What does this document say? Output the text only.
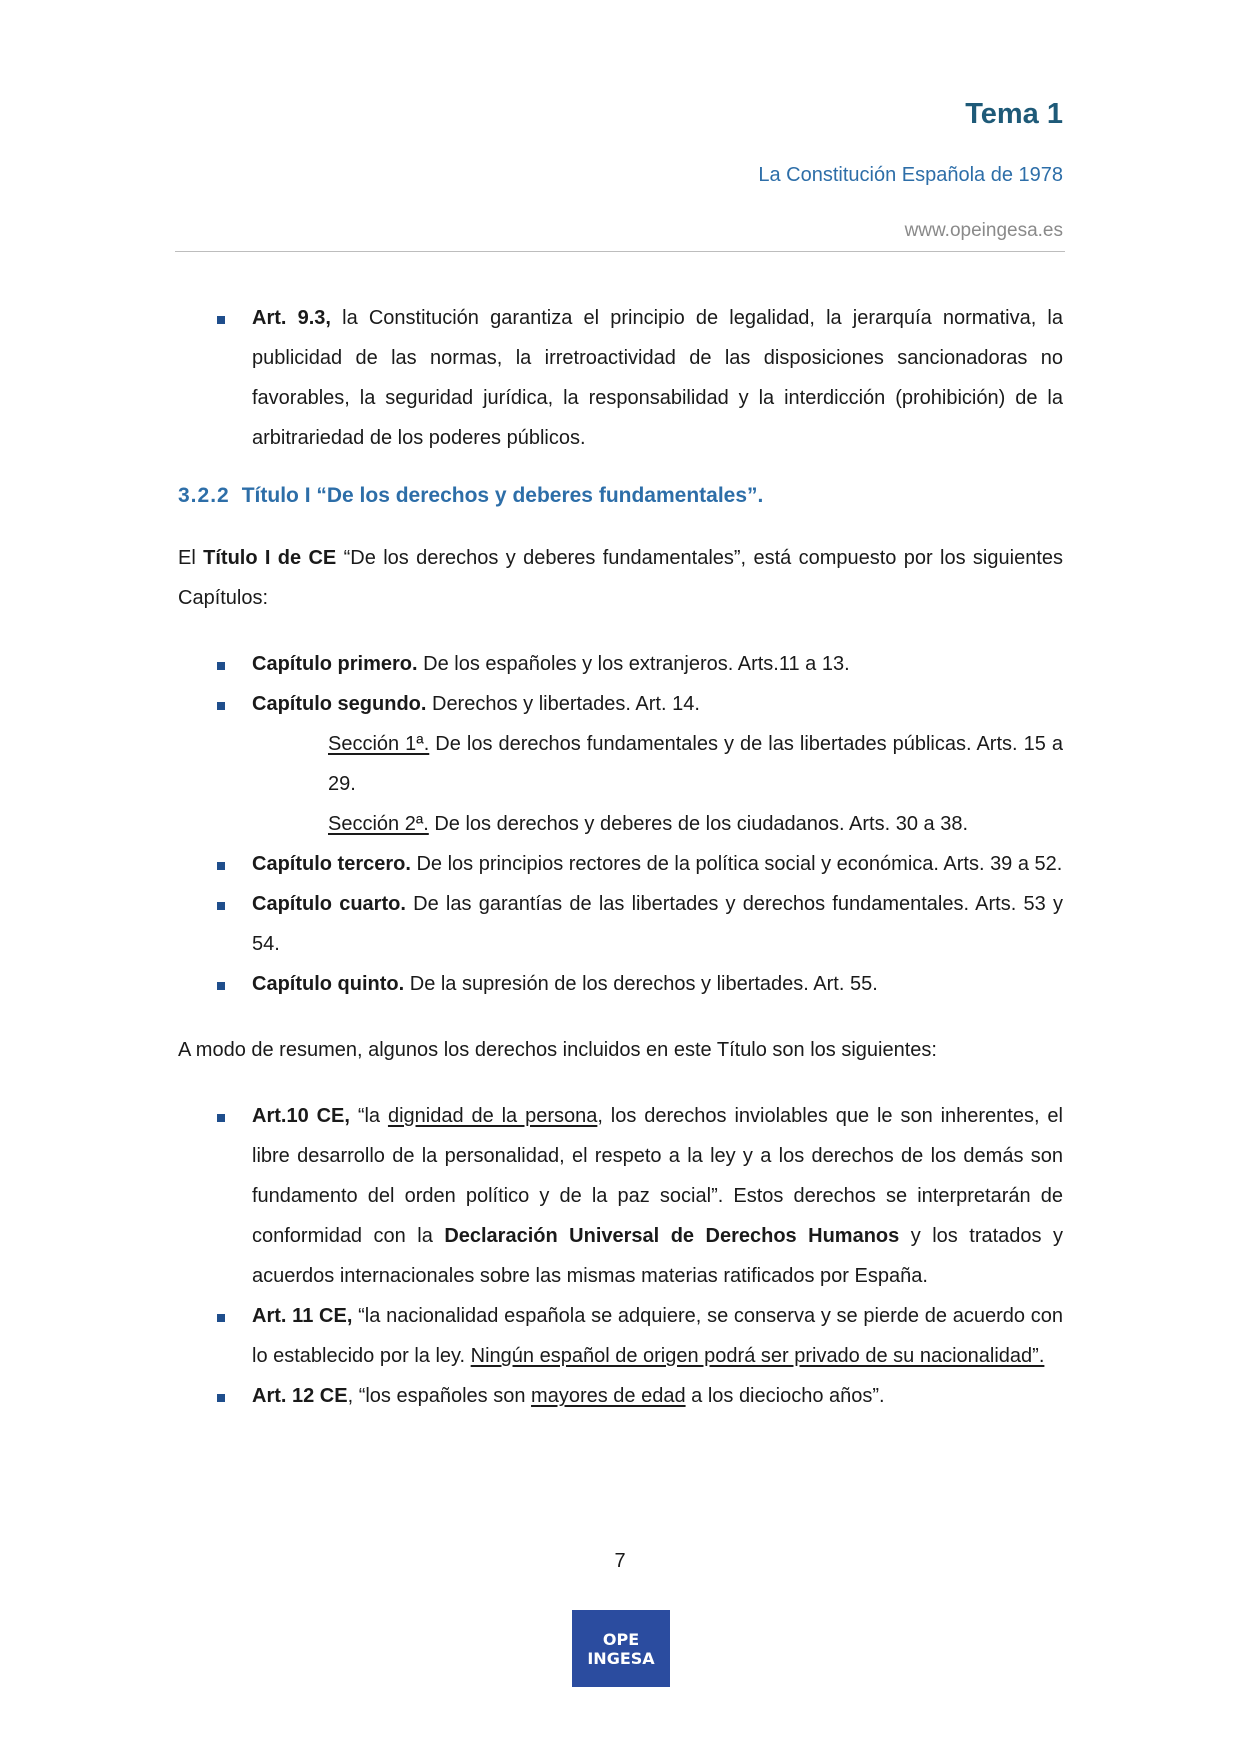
Tema 1
La Constitución Española de 1978
www.opeingesa.es
Art. 9.3, la Constitución garantiza el principio de legalidad, la jerarquía normativa, la publicidad de las normas, la irretroactividad de las disposiciones sancionadoras no favorables, la seguridad jurídica, la responsabilidad y la interdicción (prohibición) de la arbitrariedad de los poderes públicos.
3.2.2 Título I “De los derechos y deberes fundamentales”.

El Título I de CE “De los derechos y deberes fundamentales”, está compuesto por los siguientes Capítulos:

Capítulo primero. De los españoles y los extranjeros. Arts.11 a 13.
Capítulo segundo. Derechos y libertades. Art. 14.
Sección 1ª. De los derechos fundamentales y de las libertades públicas. Arts. 15 a 29.
Sección 2ª. De los derechos y deberes de los ciudadanos. Arts. 30 a 38.
Capítulo tercero. De los principios rectores de la política social y económica. Arts. 39 a 52.
Capítulo cuarto. De las garantías de las libertades y derechos fundamentales. Arts. 53 y 54.
Capítulo quinto. De la supresión de los derechos y libertades. Art. 55.

A modo de resumen, algunos los derechos incluidos en este Título son los siguientes:

Art.10 CE, “la dignidad de la persona, los derechos inviolables que le son inherentes, el libre desarrollo de la personalidad, el respeto a la ley y a los derechos de los demás son fundamento del orden político y de la paz social”. Estos derechos se interpretarán de conformidad con la Declaración Universal de Derechos Humanos y los tratados y acuerdos internacionales sobre las mismas materias ratificados por España.
Art. 11 CE, “la nacionalidad española se adquiere, se conserva y se pierde de acuerdo con lo establecido por la ley. Ningún español de origen podrá ser privado de su nacionalidad”.
Art. 12 CE, “los españoles son mayores de edad a los dieciocho años”.
7
OPE
INGESA
